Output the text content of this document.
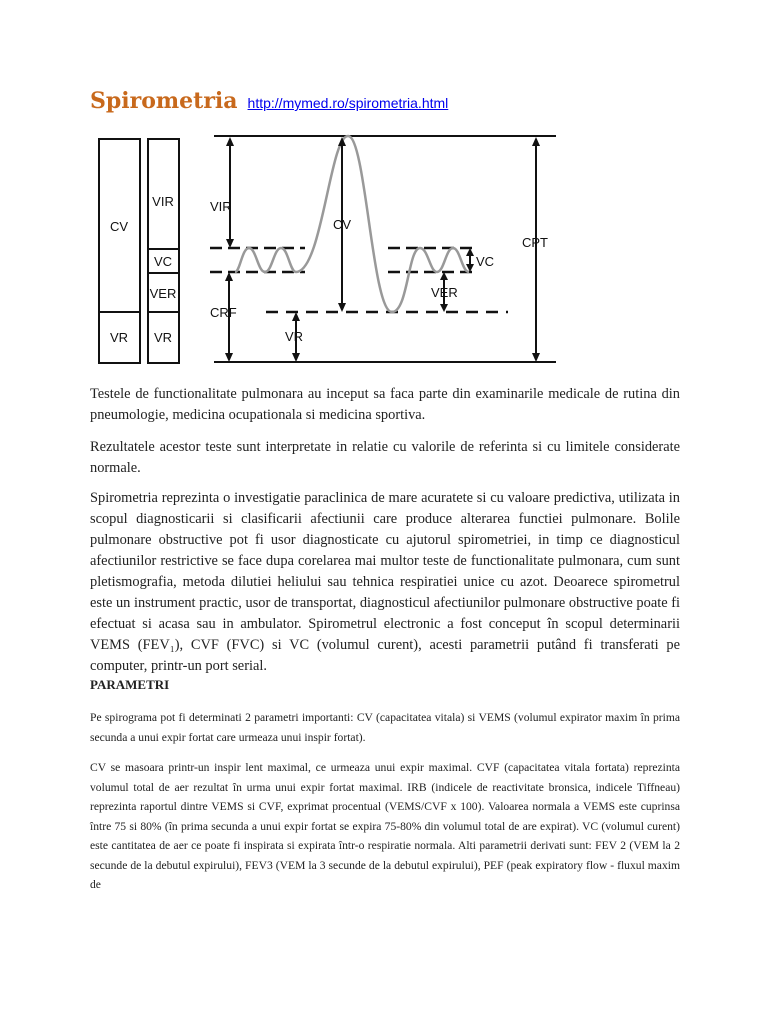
Spirometria http://mymed.ro/spirometria.html
CV
VR
VIR
VC
VER
VR
VIR
CV
VC
VER
CPT
CRF
VR

Testele de functionalitate pulmonara au inceput sa faca parte din examinarile medicale de rutina din pneumologie, medicina ocupationala si medicina sportiva.

Rezultatele acestor teste sunt interpretate in relatie cu valorile de referinta si cu limitele considerate normale.

Spirometria reprezinta o investigatie paraclinica de mare acuratete si cu valoare predictiva, utilizata in scopul diagnosticarii si clasificarii afectiunii care produce alterarea functiei pulmonare. Bolile pulmonare obstructive pot fi usor diagnosticate cu ajutorul spirometriei, in timp ce diagnosticul afectiunilor restrictive se face dupa corelarea mai multor teste de functionalitate pulmonara, cum sunt pletismografia, metoda dilutiei heliului sau tehnica respiratiei unice cu azot. Deoarece spirometrul este un instrument practic, usor de transportat, diagnosticul afectiunilor pulmonare obstructive poate fi efectuat si acasa sau in ambulator. Spirometrul electronic a fost conceput în scopul determinarii VEMS (FEV₁), CVF (FVC) si VC (volumul curent), acesti parametrii putând fi transferati pe computer, printr-un port serial.

PARAMETRI

Pe spirograma pot fi determinati 2 parametri importanti: CV (capacitatea vitala) si VEMS (volumul expirator maxim în prima secunda a unui expir fortat care urmeaza unui inspir fortat).

CV se masoara printr-un inspir lent maximal, ce urmeaza unui expir maximal. CVF (capacitatea vitala fortata) reprezinta volumul total de aer rezultat în urma unui expir fortat maximal. IRB (indicele de reactivitate bronsica, indicele Tiffneau) reprezinta raportul dintre VEMS si CVF, exprimat procentual (VEMS/CVF x 100). Valoarea normala a VEMS este cuprinsa între 75 si 80% (în prima secunda a unui expir fortat se expira 75-80% din volumul total de are expirat). VC (volumul curent) este cantitatea de aer ce poate fi inspirata si expirata într-o respiratie normala. Alti parametrii derivati sunt: FEV 2 (VEM la 2 secunde de la debutul expirului), FEV3 (VEM la 3 secunde de la debutul expirului), PEF (peak expiratory flow - fluxul maxim de
